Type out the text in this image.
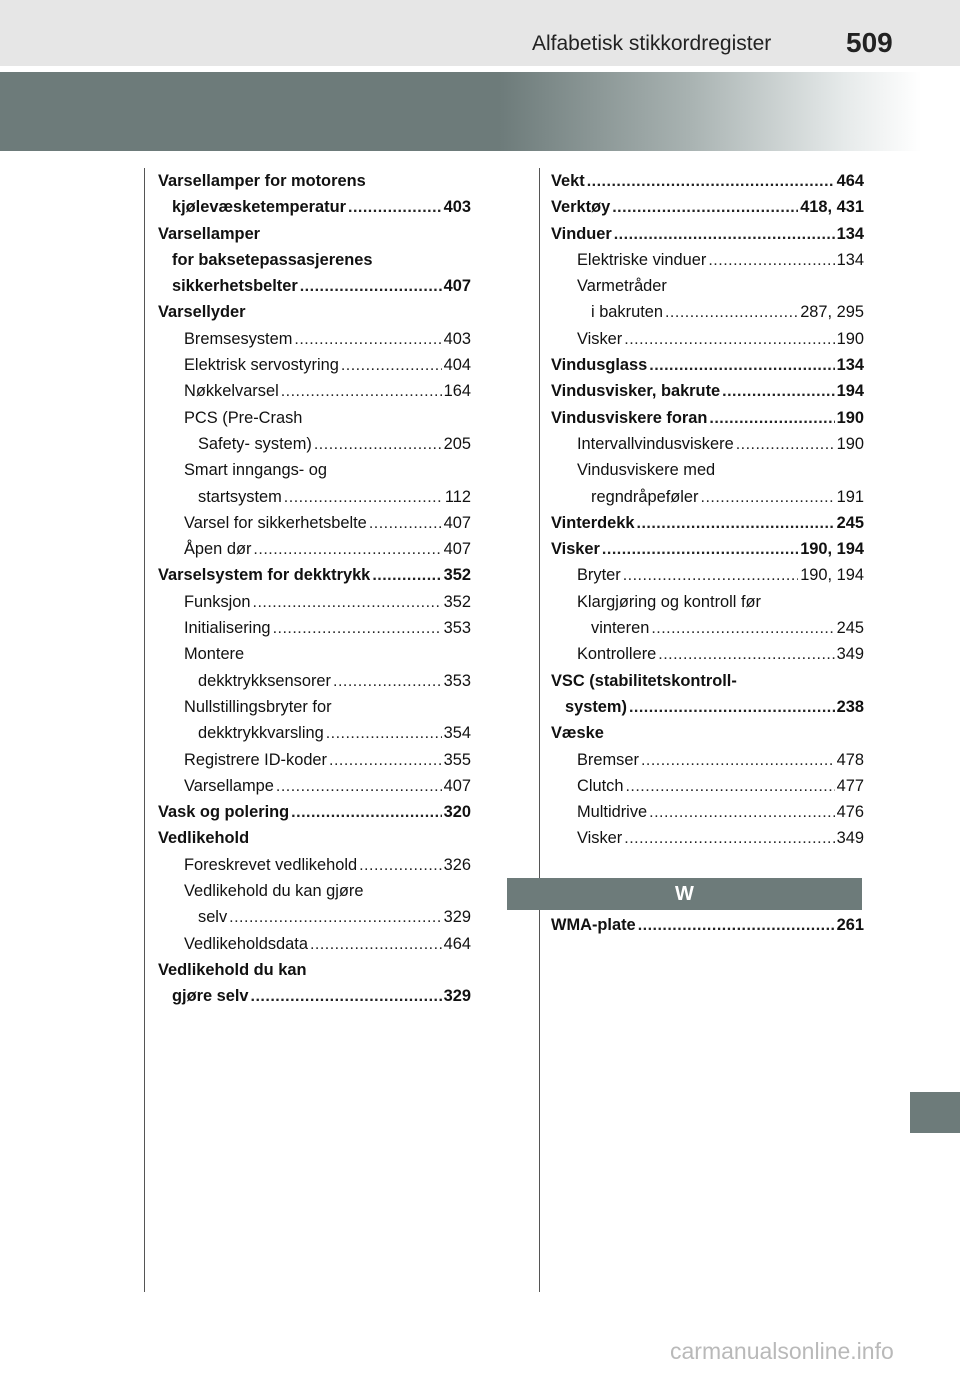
Alfabetisk stikkordregister	509
Varsellamper for motorens
kjølevæsketemperatur .....	403
Varsellamper
for baksetepassasjerenes
sikkerhetsbelter .....	407
Varsellyder
Bremsesystem .....	403
Elektrisk servostyring .....	404
Nøkkelvarsel .....	164
PCS (Pre-Crash
Safety- system) .....	205
Smart inngangs- og
startsystem .....	112
Varsel for sikkerhetsbelte .....	407
Åpen dør .....	407
Varselsystem for dekktrykk .....	352
Funksjon .....	352
Initialisering .....	353
Montere
dekktrykksensorer .....	353
Nullstillingsbryter for
dekktrykkvarsling .....	354
Registrere ID-koder .....	355
Varsellampe .....	407
Vask og polering .....	320
Vedlikehold
Foreskrevet vedlikehold .....	326
Vedlikehold du kan gjøre
selv .....	329
Vedlikeholdsdata .....	464
Vedlikehold du kan
gjøre selv .....	329
Vekt .....	464
Verktøy .....	418, 431
Vinduer .....	134
Elektriske vinduer .....	134
Varmetråder
i bakruten .....	287, 295
Visker .....	190
Vindusglass .....	134
Vindusvisker, bakrute .....	194
Vindusviskere foran .....	190
Intervallvindusviskere .....	190
Vindusviskere med
regndråpeføler .....	191
Vinterdekk .....	245
Visker .....	190, 194
Bryter .....	190, 194
Klargjøring og kontroll før
vinteren .....	245
Kontrollere .....	349
VSC (stabilitetskontroll-
system) .....	238
Væske
Bremser .....	478
Clutch .....	477
Multidrive .....	476
Visker .....	349
W
WMA-plate .....	261
carmanualsonline.info
